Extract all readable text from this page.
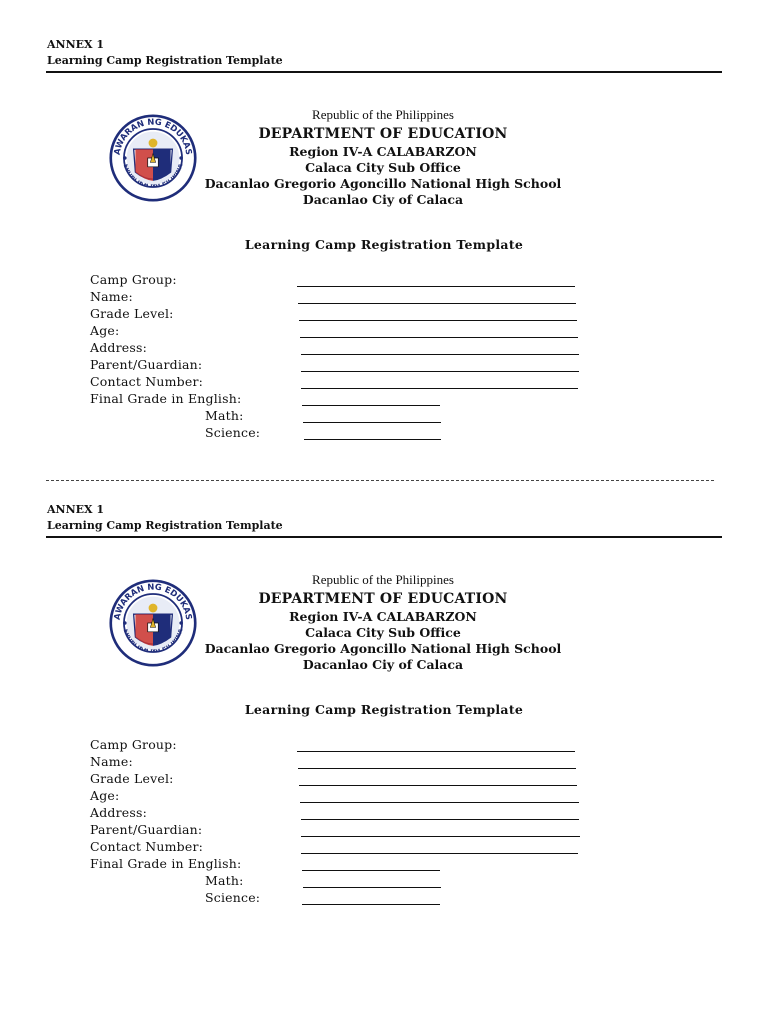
ANNEX 1
Learning Camp Registration Template
Republic of the Philippines
DEPARTMENT OF EDUCATION
Region IV-A CALABARZON
Calaca City Sub Office
Dacanlao Gregorio Agoncillo National High School
Dacanlao Ciy of Calaca
Learning Camp Registration Template
Camp Group:
Name:
Grade Level:
Age:
Address:
Parent/Guardian:
Contact Number:
Final Grade in English:
Math:
Science:
ANNEX 1
Learning Camp Registration Template
Republic of the Philippines
DEPARTMENT OF EDUCATION
Region IV-A CALABARZON
Calaca City Sub Office
Dacanlao Gregorio Agoncillo National High School
Dacanlao Ciy of Calaca
Learning Camp Registration Template
Camp Group:
Name:
Grade Level:
Age:
Address:
Parent/Guardian:
Contact Number:
Final Grade in English:
Math:
Science:
